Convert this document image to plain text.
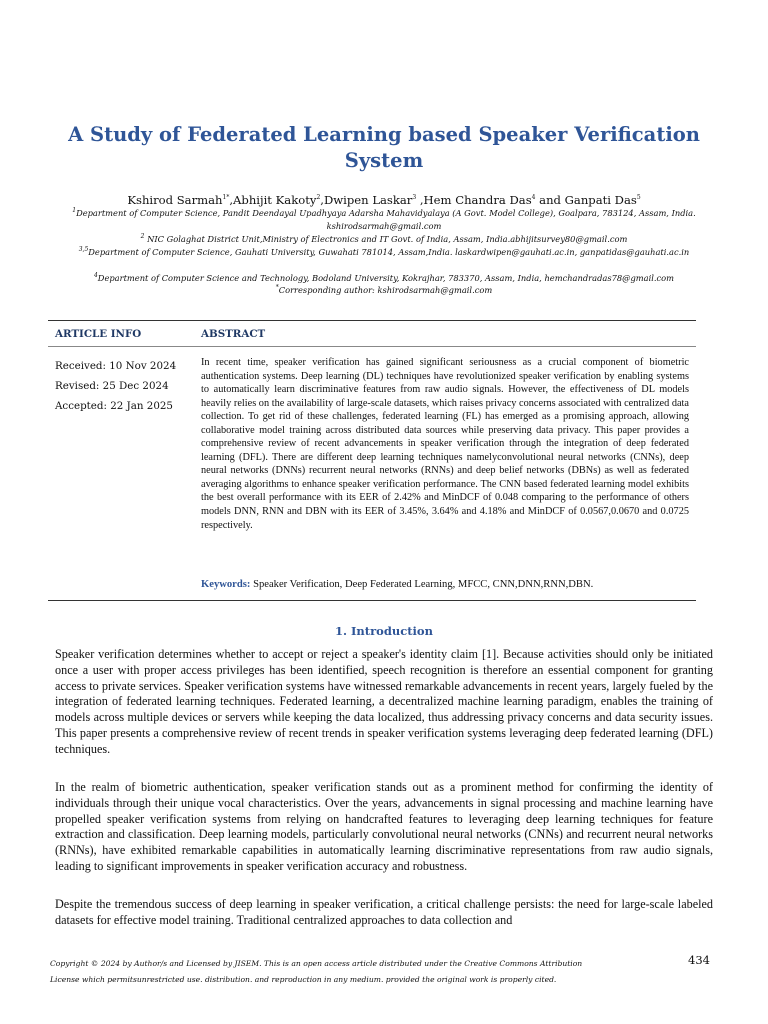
A Study of Federated Learning based Speaker Verification System
Kshirod Sarmah$^{1*}$,Abhijit Kakoty$^2$,Dwipen Laskar$^3$ ,Hem Chandra Das$^4$ and Ganpati Das$^5$
$^1$Department of Computer Science, Pandit Deendayal Upadhyaya Adarsha Mahavidyalaya (A Govt. Model College), Goalpara, 783124, Assam, India. kshirodsarmah@gmail.com
$^2$ NIC Golaghat District Unit,Ministry of Electronics and IT Govt. of India, Assam, India.abhijitsurvey80@gmail.com
$^{3,5}$Department of Computer Science, Gauhati University, Guwahati 781014, Assam,India. laskardwipen@gauhati.ac.in, ganpatidas@gauhati.ac.in
$^4$Department of Computer Science and Technology, Bodoland University, Kokrajhar, 783370, Assam, India, hemchandradas78@gmail.com
*Corresponding author: kshirodsarmah@gmail.com
ARTICLE INFO	ABSTRACT
Received: 10 Nov 2024
Revised: 25 Dec 2024
Accepted: 22 Jan 2025
In recent time, speaker verification has gained significant seriousness as a crucial component of biometric authentication systems. Deep learning (DL) techniques have revolutionized speaker verification by enabling systems to automatically learn discriminative features from raw audio signals. However, the effectiveness of DL models heavily relies on the availability of large-scale datasets, which raises privacy concerns associated with centralized data collection. To get rid of these challenges, federated learning (FL) has emerged as a promising approach, allowing collaborative model training across distributed data sources while preserving data privacy. This paper provides a comprehensive review of recent advancements in speaker verification through the integration of deep federated learning (DFL). There are different deep learning techniques namelyconvolutional neural networks (CNNs), deep neural networks (DNNs) recurrent neural networks (RNNs) and deep belief networks (DBNs) as well as federated averaging algorithms to enhance speaker verification performance. The CNN based federated learning model exhibits the best overall performance with its EER of 2.42% and MinDCF of 0.048 comparing to the performance of others models DNN, RNN and DBN with its EER of 3.45%, 3.64% and 4.18% and MinDCF of 0.0567,0.0670 and 0.0725 respectively.
Keywords: Speaker Verification, Deep Federated Learning, MFCC, CNN,DNN,RNN,DBN.
1. Introduction
Speaker verification determines whether to accept or reject a speaker's identity claim [1]. Because activities should only be initiated once a user with proper access privileges has been identified, speech recognition is therefore an essential component for granting access to private services. Speaker verification systems have witnessed remarkable advancements in recent years, largely fueled by the integration of federated learning techniques. Federated learning, a decentralized machine learning paradigm, enables the training of models across multiple devices or servers while keeping the data localized, thus addressing privacy concerns and data security issues. This paper presents a comprehensive review of recent trends in speaker verification systems leveraging deep federated learning (DFL) techniques.
In the realm of biometric authentication, speaker verification stands out as a prominent method for confirming the identity of individuals through their unique vocal characteristics. Over the years, advancements in signal processing and machine learning have propelled speaker verification systems from relying on handcrafted features to leveraging deep learning techniques for feature extraction and classification. Deep learning models, particularly convolutional neural networks (CNNs) and recurrent neural networks (RNNs), have exhibited remarkable capabilities in automatically learning discriminative representations from raw audio signals, leading to significant improvements in speaker verification accuracy and robustness.
Despite the tremendous success of deep learning in speaker verification, a critical challenge persists: the need for large-scale labeled datasets for effective model training. Traditional centralized approaches to data collection and
Copyright © 2024 by Author/s and Licensed by JISEM. This is an open access article distributed under the Creative Commons Attribution
License which permitsunrestricted use. distribution. and reproduction in any medium. provided the original work is properly cited.
434
